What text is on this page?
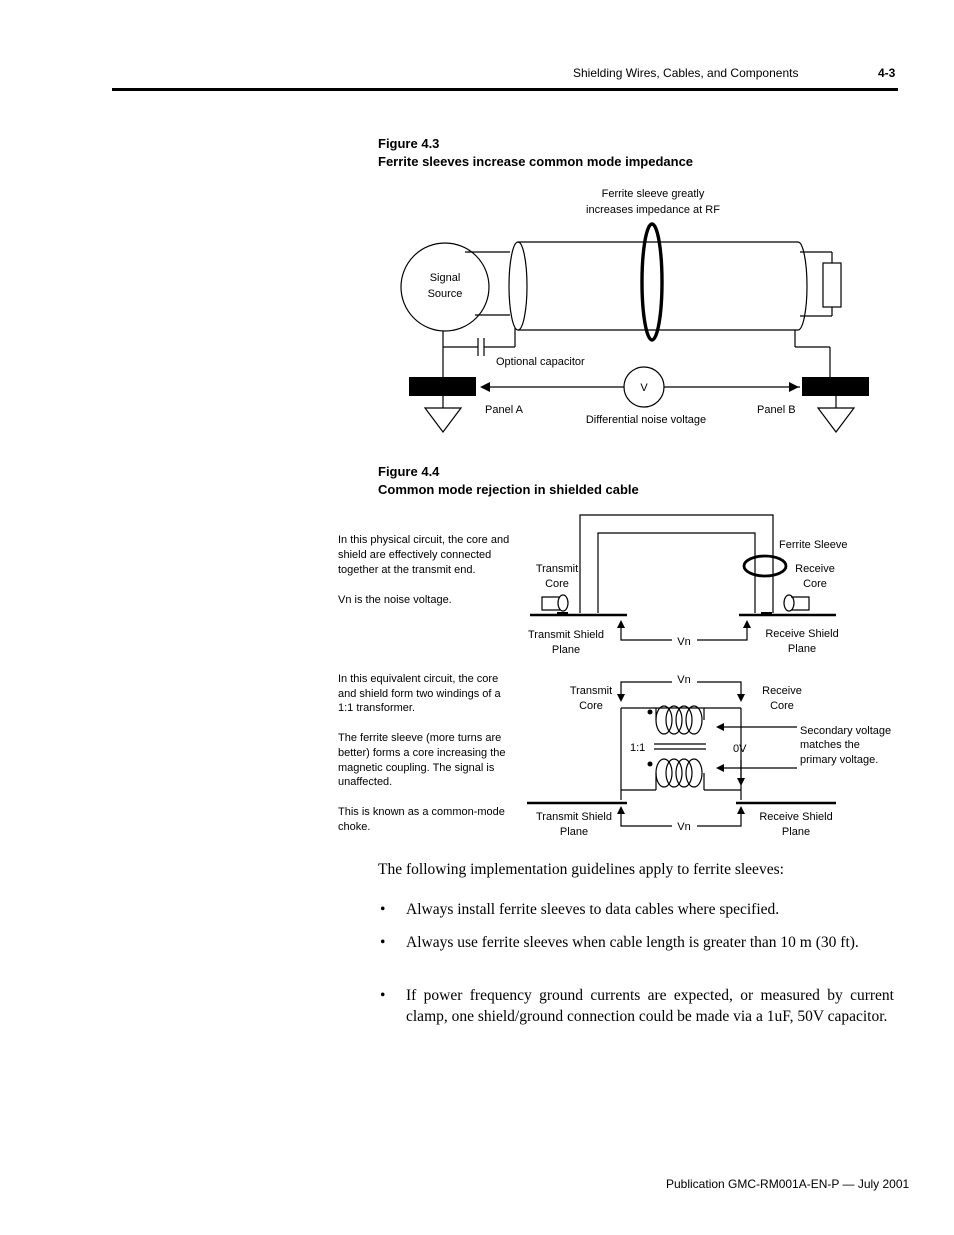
Shielding Wires, Cables, and Components	4-3
Figure 4.3
Ferrite sleeves increase common mode impedance
Ferrite sleeve greatly
increases impedance at RF
Signal
Source
Optional capacitor
V
Panel A	Panel B
Differential noise voltage
Figure 4.4
Common mode rejection in shielded cable
In this physical circuit, the core and
shield are effectively connected
together at the transmit end.
Vn is the noise voltage.
In this equivalent circuit, the core
and shield form two windings of a
1:1 transformer.
The ferrite sleeve (more turns are
better) forms a core increasing the
magnetic coupling. The signal is
unaffected.
This is known as a common-mode
choke.
Ferrite Sleeve
Transmit
Core
Receive
Core
Transmit Shield
Plane
Receive Shield
Plane
Vn
Vn
Transmit
Core
Receive
Core
1:1	0V
Secondary voltage
matches the
primary voltage.
Transmit Shield
Plane
Receive Shield
Plane
Vn
The following implementation guidelines apply to ferrite sleeves:
• Always install ferrite sleeves to data cables where specified.
• Always use ferrite sleeves when cable length is greater than 10 m (30 ft).
• If power frequency ground currents are expected, or measured by current clamp, one shield/ground connection could be made via a 1uF, 50V capacitor.
Publication GMC-RM001A-EN-P — July 2001
